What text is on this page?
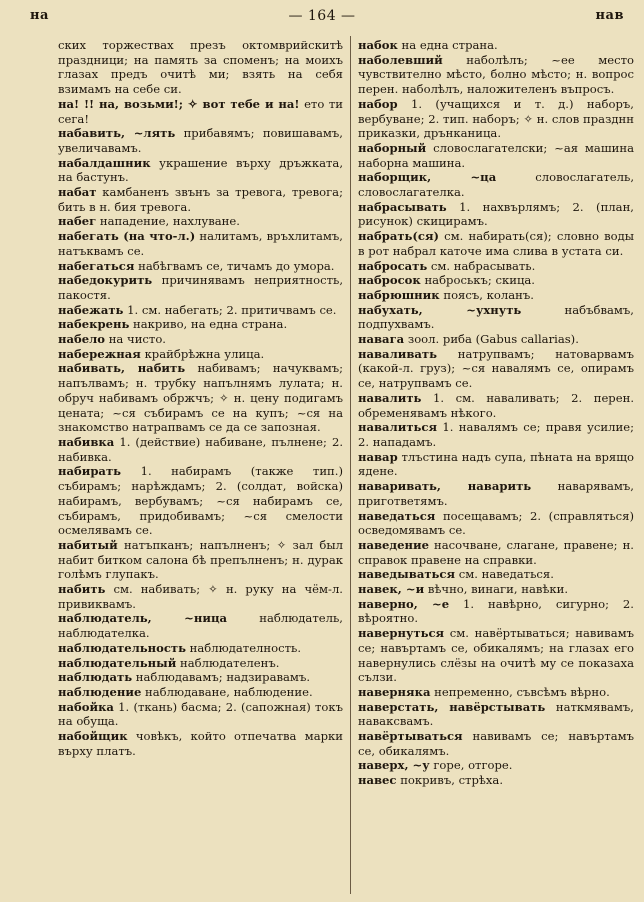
на	— 164 —	нав

ских торжествах презъ октомврийскитѣ праздници; на память за споменъ; на моихъ глазах предъ очитѣ ми; взять на себя взимамъ на себе си.

на! !! на, возьми!; ✧ вот тебе и на! ето ти сега!

набавить, ~лять прибавямъ; повишавамъ, увеличавамъ.

набалдашник украшение върху дръжката, на бастунъ.

набат камбаненъ звънъ за тревога, тревога; бить в н. бия тревога.

набег нападение, нахлуване.

набегать (на что-л.) налитамъ, връхлитамъ, натъквамъ се.

набегаться набѣгвамъ се, тичамъ до умора.

набедокурить причинявамъ неприятность, пакостя.

набежать 1. см. набегать; 2. притичвамъ се.

набекрень накриво, на една страна.

набело на чисто.

набережная крайбрѣжна улица.

набивать, набить набивамъ; начуквамъ; напълвамъ; н. трубку напълнямъ лулата; н. обруч набивамъ обржчъ; ✧ н. цену подигамъ цената; ~ся събирамъ се на купъ; ~ся на знакомство натрапвамъ се да се запозная.

набивка 1. (действие) набиване, пълнене; 2. набивка.

набирать 1. набирамъ (также тип.) събирамъ; нарѣждамъ; 2. (солдат, войска) набирамъ, вербувамъ; ~ся набирамъ се, събирамъ, придобивамъ; ~ся смелости осмелявамъ се.

набитый натъпканъ; напълненъ; ✧ зал был набит битком салона бѣ препълненъ; н. дурак голѣмъ глупакъ.

набить см. набивать; ✧ н. руку на чём-л. привиквамъ.

наблюдатель, ~ница	наблюдатель, наблюдателка.

наблюдательность наблюдателность.

наблюдательный наблюдателенъ.

наблюдать наблюдавамъ; надзиравамъ.

наблюдение наблюдаване, наблюдение.

набойка 1. (ткань) басма; 2. (сапожная) токъ на обуща.

набойщик човѣкъ, който отпечатва марки върху платъ.

набок на една страна.

наболевший наболѣлъ; ~ее место чувствително мѣсто, болно мѣсто; н. вопрос перен. наболѣлъ, наложителенъ въпросъ.

набор 1. (учащихся и т. д.) наборъ, вербуване; 2. тип. наборъ; ✧ н. слов празднн приказки, дрънканица.

наборный словослагателски; ~ая машина наборна машина.

наборщик, ~ца	словослагатель, словослагателка.

набрасывать 1. нахвърлямъ; 2. (план, рисунок) скицирамъ.

набрать(ся) см. набирать(ся); словно воды в рот набрал каточе има слива в устата си.

набросать см. набрасывать.

набросок наброськъ; скица.

набрюшник поясъ, коланъ.

набухать, ~ухнуть	набъбвамъ, подпухвамъ.

навага зоол. риба (Gabus callarias).

наваливать натрупвамъ; натоварвамъ (какой-л. груз); ~ся навалямъ се, опирамъ се, натрупвамъ се.

навалить 1. см. наваливать; 2. перен. обременявамъ нѣкого.

навалиться 1. навалямъ се; правя усилие; 2. нападамъ.

навар тлъстина надъ супа, пѣната на врящо ядене.

наваривать, наварить наваpявамъ, пригответямъ.

наведаться посещавамъ; 2. (справляться) осведомявамъ се.

наведение насочване, слагане, правене; н. справок правене на справки.

наведываться см. наведаться.

навек, ~и вѣчно, винаги, навѣки.

наверно, ~е 1. навѣрно, сигурно; 2. вѣроятно.

навернуться см. навёртываться; навивамъ се; навъртамъ се, обикалямъ; на глазах его навернулись слёзы на очитѣ му се показаха сълзи.

наверняка непременно, съвсѣмъ вѣрно.

наверстать, навёрстывать наткмявамъ, наваксвамъ.

навёртываться навивамъ се; навъртамъ се, обикалямъ.

наверх, ~у горе, отгоре.

навес покривъ, стрѣха.
